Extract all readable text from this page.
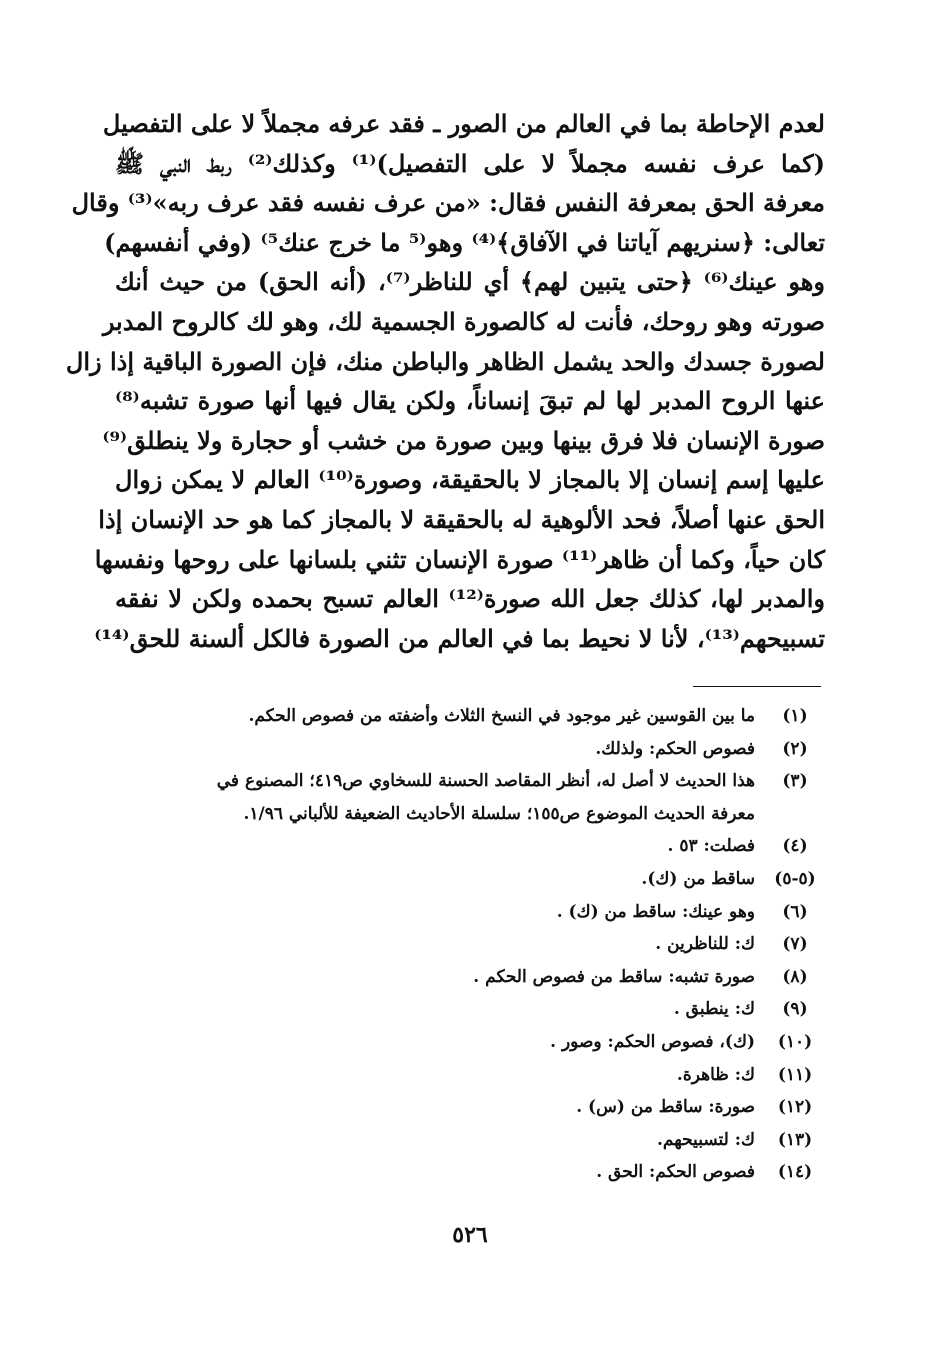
لعدم الإحاطة بما في العالم من الصور ـ فقد عرفه مجملاً لا على التفصيل
(كما عرف نفسه مجملاً لا على التفصيل)⁽¹⁾ وكذلك⁽²⁾ ربط النبي ﷺ
معرفة الحق بمعرفة النفس فقال: «من عرف نفسه فقد عرف ربه»⁽³⁾ وقال
تعالى: ﴿سنريهم آياتنا في الآفاق﴾⁽⁴⁾ وهو⁽⁵ ما خرج عنك⁵⁾ (وفي أنفسهم)
وهو عينك⁽⁶⁾ ﴿حتى يتبين لهم﴾ أي للناظر⁽⁷⁾، (أنه الحق) من حيث أنك
صورته وهو روحك، فأنت له كالصورة الجسمية لك، وهو لك كالروح المدبر
لصورة جسدك والحد يشمل الظاهر والباطن منك، فإن الصورة الباقية إذا زال
عنها الروح المدبر لها لم تبقَ إنساناً، ولكن يقال فيها أنها صورة تشبه⁽⁸⁾
صورة الإنسان فلا فرق بينها وبين صورة من خشب أو حجارة ولا ينطلق⁽⁹⁾
عليها إسم إنسان إلا بالمجاز لا بالحقيقة، وصورة⁽¹⁰⁾ العالم لا يمكن زوال
الحق عنها أصلاً، فحد الألوهية له بالحقيقة لا بالمجاز كما هو حد الإنسان إذا
كان حياً، وكما أن ظاهر⁽¹¹⁾ صورة الإنسان تثني بلسانها على روحها ونفسها
والمدبر لها، كذلك جعل الله صورة⁽¹²⁾ العالم تسبح بحمده ولكن لا نفقه
تسبيحهم⁽¹³⁾، لأنا لا نحيط بما في العالم من الصورة فالكل ألسنة للحق⁽¹⁴⁾
(١)
ما بين القوسين غير موجود في النسخ الثلاث وأضفته من فصوص الحكم.
(٢)
فصوص الحكم: ولذلك.
(٣)
هذا الحديث لا أصل له، أنظر المقاصد الحسنة للسخاوي ص٤١٩؛ المصنوع في
معرفة الحديث الموضوع ص١٥٥؛ سلسلة الأحاديث الضعيفة للألباني ١/٩٦.
(٤)
فصلت: ٥٣ .
(٥-٥)
ساقط من (ك).
(٦)
وهو عينك: ساقط من (ك) .
(٧)
ك: للناظرين .
(٨)
صورة تشبه: ساقط من فصوص الحكم .
(٩)
ك: ينطبق .
(١٠)
(ك)، فصوص الحكم: وصور .
(١١)
ك: ظاهرة.
(١٢)
صورة: ساقط من (س) .
(١٣)
ك: لتسبيحهم.
(١٤)
فصوص الحكم: الحق .
٥٢٦
